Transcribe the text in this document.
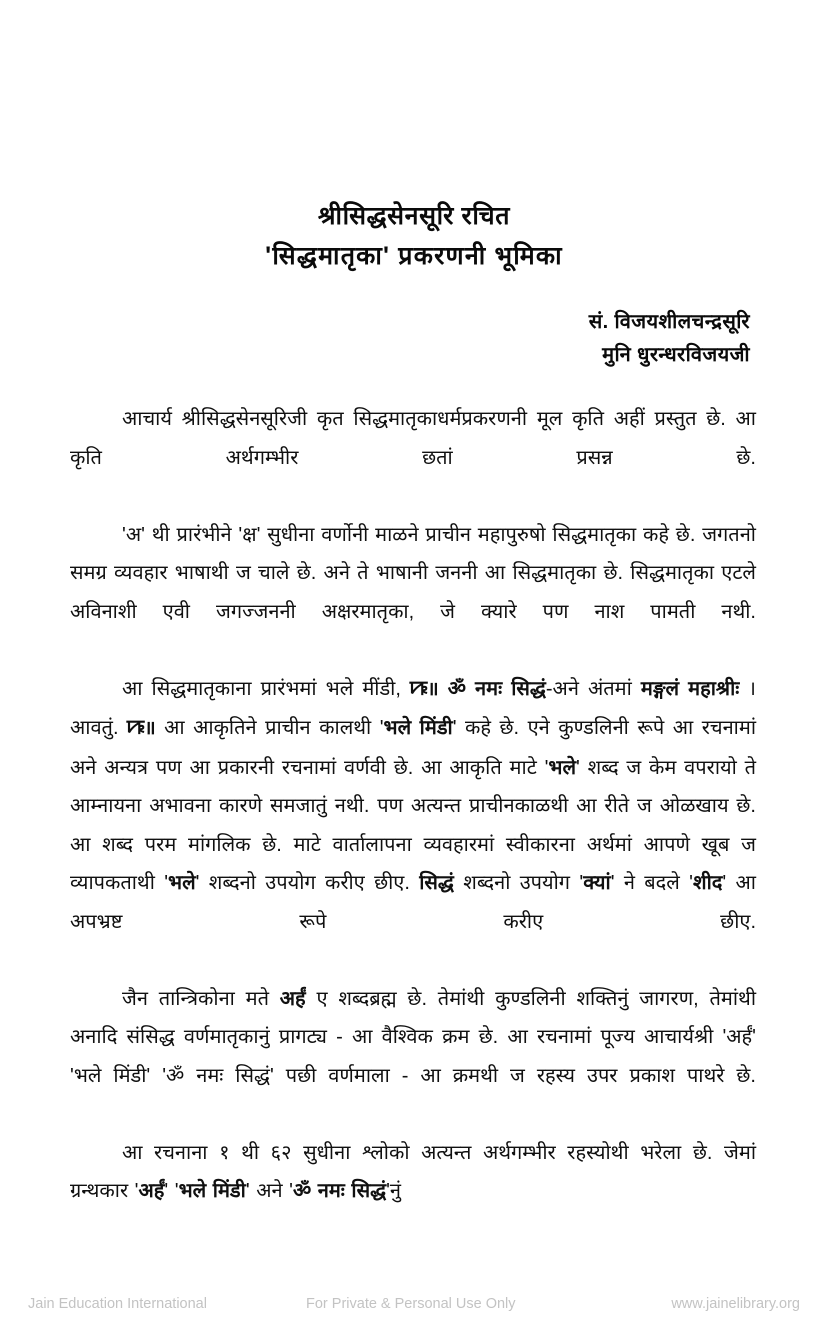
श्रीसिद्धसेनसूरि रचित
'सिद्धमातृका' प्रकरणनी भूमिका
सं. विजयशीलचन्द्रसूरि
मुनि धुरन्धरविजयजी

आचार्य श्रीसिद्धसेनसूरिजी कृत सिद्धमातृकाधर्मप्रकरणनी मूल कृति अहीं प्रस्तुत छे. आ कृति अर्थगम्भीर छतां प्रसन्न छे.

'अ' थी प्रारंभीने 'क्ष' सुधीना वर्णोनी माळने प्राचीन महापुरुषो सिद्धमातृका कहे छे. जगतनो समग्र व्यवहार भाषाथी ज चाले छे. अने ते भाषानी जननी आ सिद्धमातृका छे. सिद्धमातृका एटले अविनाशी एवी जगज्जननी अक्षरमातृका, जे क्यारे पण नाश पामती नथी.

आ सिद्धमातृकाना प्रारंभमां भले मींडी, ꠚ॥ ॐ नमः सिद्धं-अने अंतमां मङ्गलं महाश्रीः । आवतुं. ꠚ॥ आ आकृतिने प्राचीन कालथी 'भले मिंडी' कहे छे. एने कुण्डलिनी रूपे आ रचनामां अने अन्यत्र पण आ प्रकारनी रचनामां वर्णवी छे. आ आकृति माटे 'भले' शब्द ज केम वपरायो ते आम्नायना अभावना कारणे समजातुं नथी. पण अत्यन्त प्राचीनकाळथी आ रीते ज ओळखाय छे. आ शब्द परम मांगलिक छे. माटे वार्तालापना व्यवहारमां स्वीकारना अर्थमां आपणे खूब ज व्यापकताथी 'भले' शब्दनो उपयोग करीए छीए. सिद्धं शब्दनो उपयोग 'क्यां' ने बदले 'शीद' आ अपभ्रष्ट रूपे करीए छीए.

जैन तान्त्रिकोना मते अर्हं ए शब्दब्रह्म छे. तेमांथी कुण्डलिनी शक्तिनुं जागरण, तेमांथी अनादि संसिद्ध वर्णमातृकानुं प्रागट्य - आ वैश्विक क्रम छे. आ रचनामां पूज्य आचार्यश्री 'अर्हं' 'भले मिंडी' 'ॐ नमः सिद्धं' पछी वर्णमाला - आ क्रमथी ज रहस्य उपर प्रकाश पाथरे छे.

आ रचनाना १ थी ६२ सुधीना श्लोको अत्यन्त अर्थगम्भीर रहस्योथी भरेला छे. जेमां ग्रन्थकार 'अर्हं' 'भले मिंडी' अने 'ॐ नमः सिद्धं'नुं

Jain Education International	For Private & Personal Use Only	www.jainelibrary.org
